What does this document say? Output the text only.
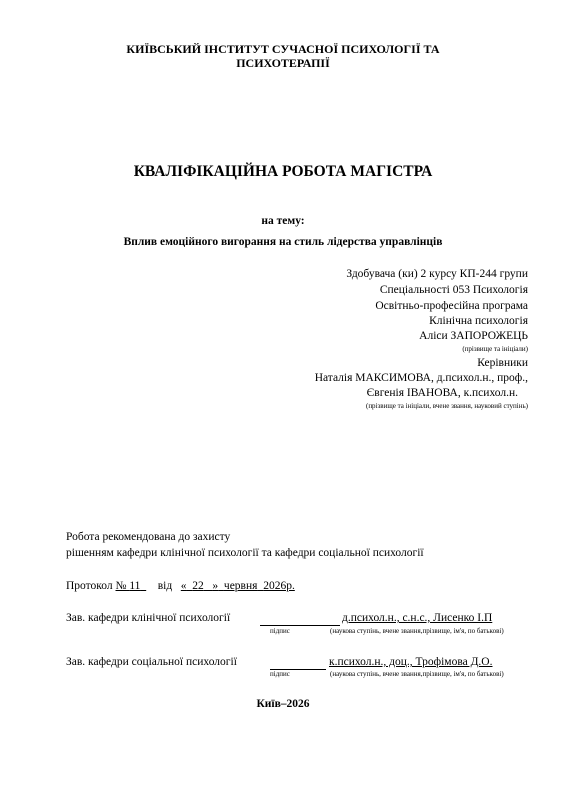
КИЇВСЬКИЙ ІНСТИТУТ СУЧАСНОЇ ПСИХОЛОГІЇ ТА
ПСИХОТЕРАПІЇ
КВАЛІФІКАЦІЙНА РОБОТА МАГІСТРА
на тему:
Вплив емоційного вигорання на стиль лідерства управлінців
Здобувача (ки) 2 курсу КП-244 групи
Спеціальності 053 Психологія
Освітньо-професійна програма
Клінічна психологія
Аліси ЗАПОРОЖЕЦЬ
(прізвище та ініціали)
Керівники
Наталія МАКСИМОВА, д.психол.н., проф.,
Євгенія ІВАНОВА, к.психол.н.
(прізвище та ініціали, вчене звання, науковий ступінь)
Робота рекомендована до захисту
рішенням кафедри клінічної психології та кафедри соціальної психології
Протокол № 11 від « 22 » червня 2026р.
Зав. кафедри клінічної психології	д.психол.н., с.н.с., Лисенко І.П
підпис	(наукова ступінь, вчене звання,прізвище, ім'я, по батькові)
Зав. кафедри соціальної психології	к.психол.н., доц., Трофімова Д.О.
підпис	(наукова ступінь, вчене звання,прізвище, ім'я, по батькові)
Київ–2026
